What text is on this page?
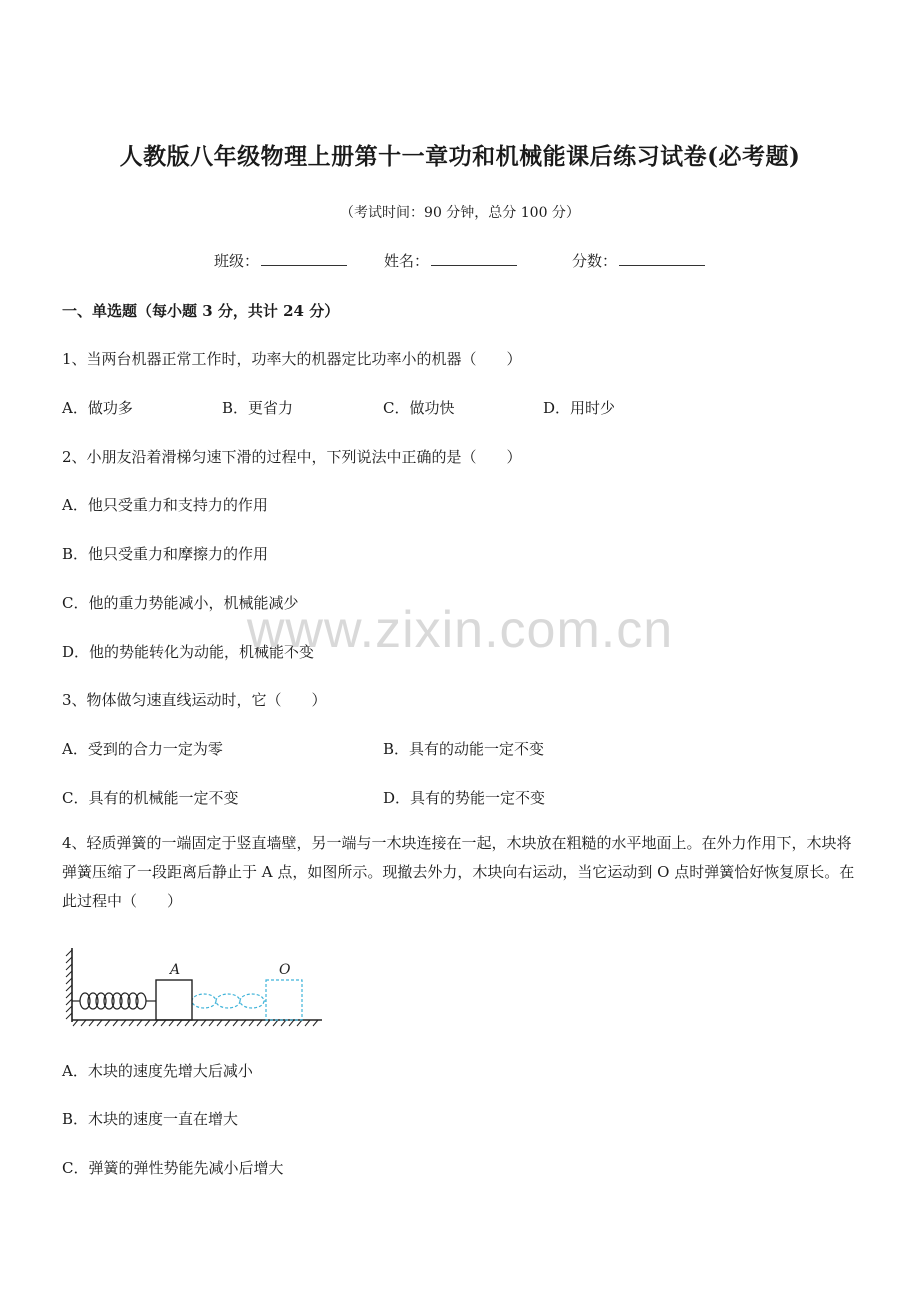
人教版八年级物理上册第十一章功和机械能课后练习试卷(必考题)
（考试时间：90 分钟，总分 100 分）
班级：	姓名：	分数：
一、单选题（每小题 3 分，共计 24 分）
1、当两台机器正常工作时，功率大的机器定比功率小的机器（　　）
A．做功多	B．更省力	C．做功快	D．用时少
2、小朋友沿着滑梯匀速下滑的过程中，下列说法中正确的是（　　）
A．他只受重力和支持力的作用
B．他只受重力和摩擦力的作用
C．他的重力势能减小，机械能减少
D．他的势能转化为动能，机械能不变
www.zixin.com.cn
3、物体做匀速直线运动时，它（　　）
A．受到的合力一定为零	B．具有的动能一定不变
C．具有的机械能一定不变	D．具有的势能一定不变
4、轻质弹簧的一端固定于竖直墙壁，另一端与一木块连接在一起，木块放在粗糙的水平地面上。在外力作用下，木块将弹簧压缩了一段距离后静止于 A 点，如图所示。现撤去外力，木块向右运动，当它运动到 O 点时弹簧恰好恢复原长。在此过程中（　　）
A	O
A．木块的速度先增大后减小
B．木块的速度一直在增大
C．弹簧的弹性势能先减小后增大
